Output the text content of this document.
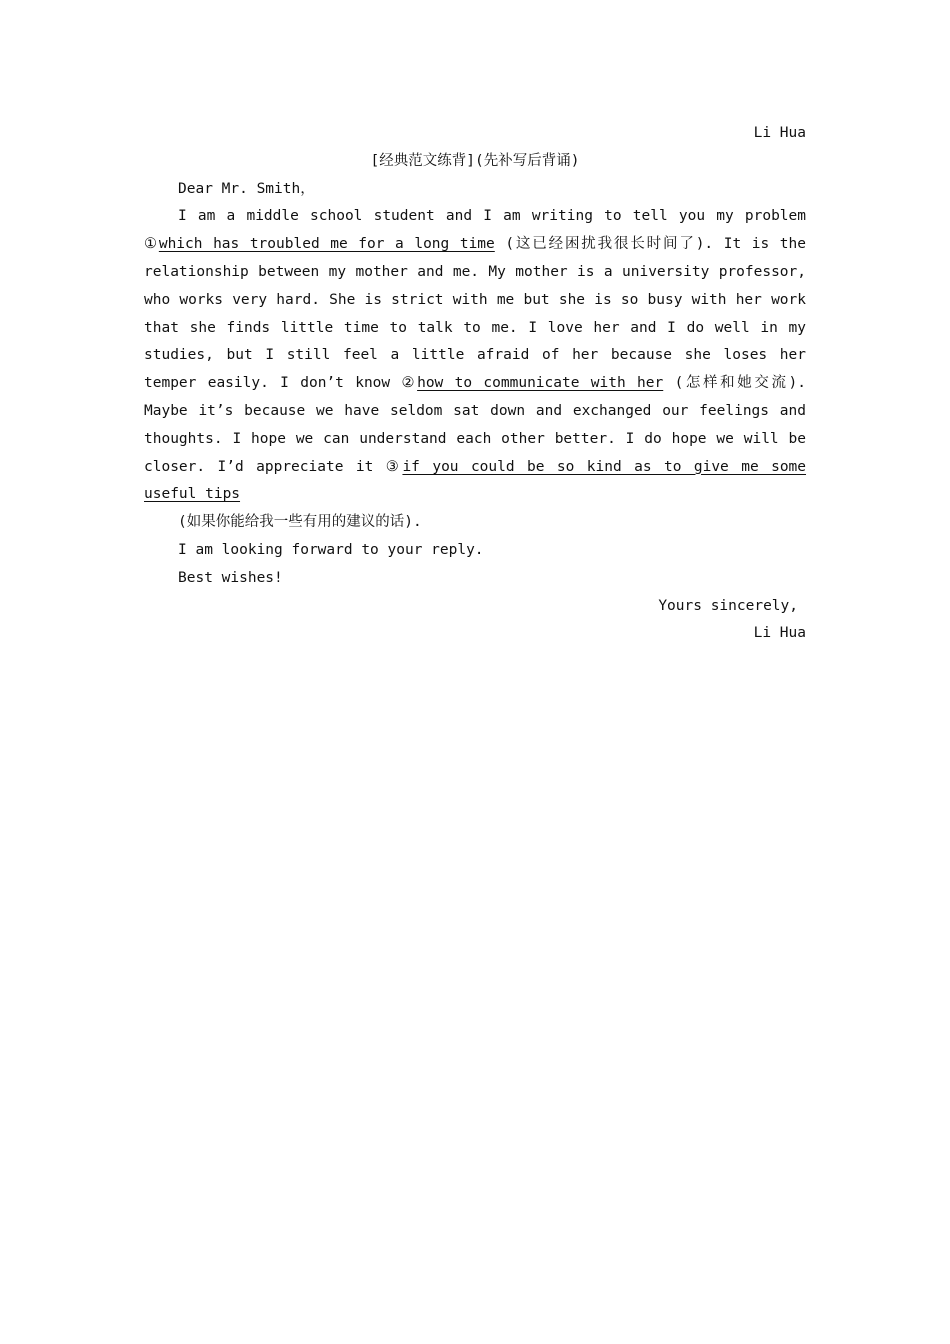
Li Hua
[经典范文练背](先补写后背诵)
Dear Mr. Smith，
I am a middle school student and I am writing to tell you my problem ①which has troubled me for a long time (这已经困扰我很长时间了). It is the relationship between my mother and me. My mother is a university professor, who works very hard. She is strict with me but she is so busy with her work that she finds little time to talk to me. I love her and I do well in my studies, but I still feel a little afraid of her because she loses her temper easily. I don’t know ②how to communicate with her (怎样和她交流). Maybe it’s because we have seldom sat down and exchanged our feelings and thoughts. I hope we can understand each other better. I do hope we will be closer. I’d appreciate it ③if you could be so kind as to give me some useful tips
(如果你能给我一些有用的建议的话).
I am looking forward to your reply.
Best wishes!
Yours sincerely,
Li Hua
